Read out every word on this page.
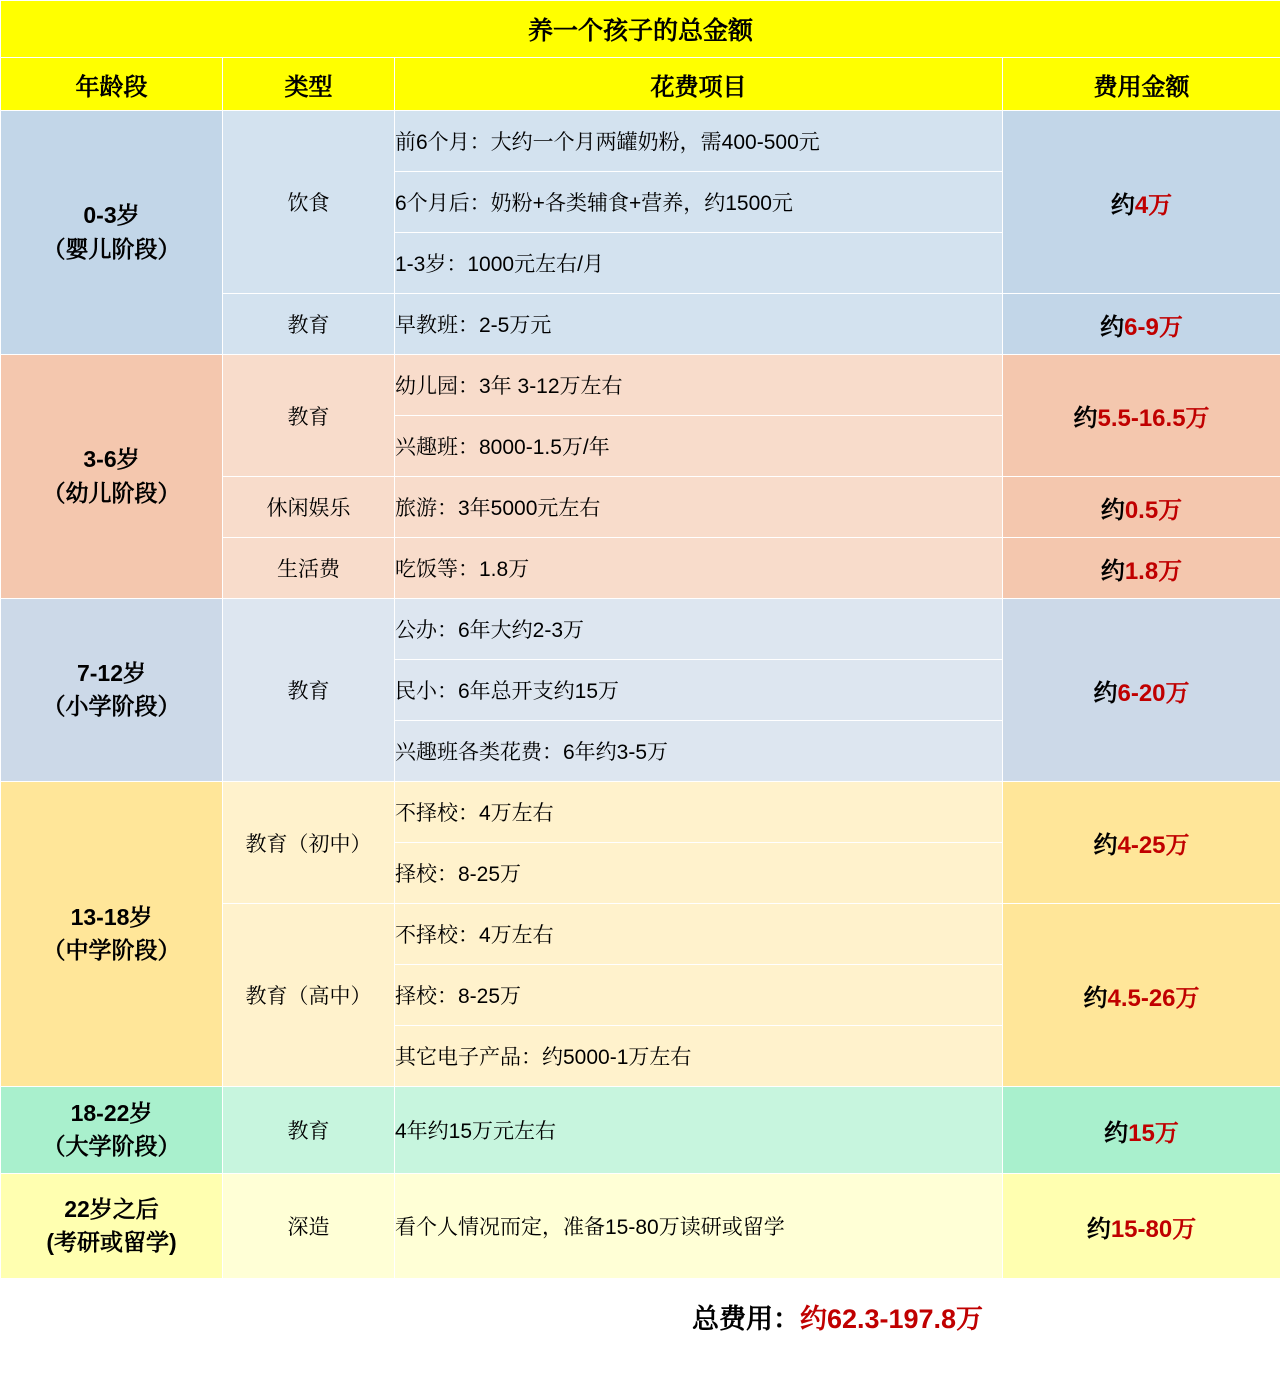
养一个孩子的总金额			
年龄段	类型	花费项目	费用金额

0-3岁
（婴儿阶段）	饮食	前6个月：大约一个月两罐奶粉，需400-500元	约4万
		6个月后：奶粉+各类辅食+营养，约1500元	
		1-3岁：1000元左右/月	
	教育	早教班：2-5万元	约6-9万

3-6岁
（幼儿阶段）	教育	幼儿园：3年 3-12万左右	约5.5-16.5万
		兴趣班：8000-1.5万/年	
	休闲娱乐	旅游：3年5000元左右	约0.5万
	生活费	吃饭等：1.8万	约1.8万

7-12岁
（小学阶段）	教育	公办：6年大约2-3万	约6-20万
		民小：6年总开支约15万	
		兴趣班各类花费：6年约3-5万	

13-18岁
（中学阶段）	教育（初中）	不择校：4万左右	约4-25万
		择校：8-25万	
	教育（高中）	不择校：4万左右	约4.5-26万
		择校：8-25万	
		其它电子产品：约5000-1万左右	

18-22岁
（大学阶段）	教育	4年约15万元左右	约15万

22岁之后
(考研或留学)	深造	看个人情况而定，准备15-80万读研或留学	约15-80万

		总费用：约62.3-197.8万	
